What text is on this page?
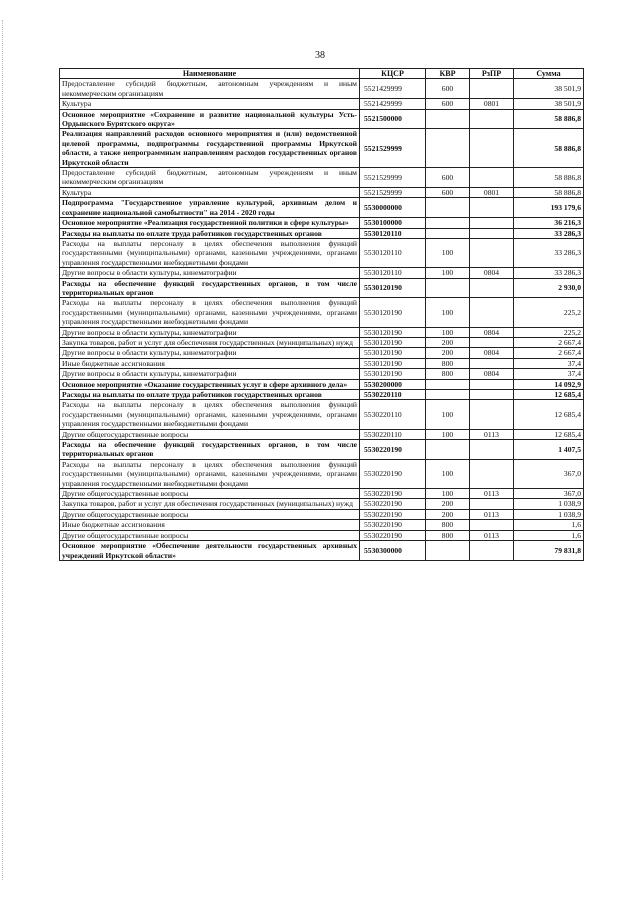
38
Наименование	КЦСР	КВР	РзПР	Сумма
Предоставление субсидий бюджетным, автономным учреждениям и иным некоммерческим организациям	5521429999	600		38 501,9
Культура	5521429999	600	0801	38 501,9
Основное мероприятие «Сохранение и развитие национальной культуры Усть-Ордынского Бурятского округа»	5521500000			58 886,8
Реализация направлений расходов основного мероприятия и (или) ведомственной целевой программы, подпрограммы государственной программы Иркутской области, а также непрограммным направлениям расходов государственных органов Иркутской области	5521529999			58 886,8
Предоставление субсидий бюджетным, автономным учреждениям и иным некоммерческим организациям	5521529999	600		58 886,8
Культура	5521529999	600	0801	58 886,8
Подпрограмма "Государственное управление культурой, архивным делом и сохранение национальной самобытности" на 2014 - 2020 годы	5530000000			193 179,6
Основное мероприятие «Реализация государственной политики в сфере культуры»	5530100000			36 216,3
Расходы на выплаты по оплате труда работников государственных органов	5530120110			33 286,3
Расходы на выплаты персоналу в целях обеспечения выполнения функций государственными (муниципальными) органами, казенными учреждениями, органами управления государственными внебюджетными фондами	5530120110	100		33 286,3
Другие вопросы в области культуры, кинематографии	5530120110	100	0804	33 286,3
Расходы на обеспечение функций государственных органов, в том числе территориальных органов	5530120190			2 930,0
Расходы на выплаты персоналу в целях обеспечения выполнения функций государственными (муниципальными) органами, казенными учреждениями, органами управления государственными внебюджетными фондами	5530120190	100		225,2
Другие вопросы в области культуры, кинематографии	5530120190	100	0804	225,2
Закупка товаров, работ и услуг для обеспечения государственных (муниципальных) нужд	5530120190	200		2 667,4
Другие вопросы в области культуры, кинематографии	5530120190	200	0804	2 667,4
Иные бюджетные ассигнования	5530120190	800		37,4
Другие вопросы в области культуры, кинематографии	5530120190	800	0804	37,4
Основное мероприятие «Оказание государственных услуг в сфере архивного дела»	5530200000			14 092,9
Расходы на выплаты по оплате труда работников государственных органов	5530220110			12 685,4
Расходы на выплаты персоналу в целях обеспечения выполнения функций государственными (муниципальными) органами, казенными учреждениями, органами управления государственными внебюджетными фондами	5530220110	100		12 685,4
Другие общегосударственные вопросы	5530220110	100	0113	12 685,4
Расходы на обеспечение функций государственных органов, в том числе территориальных органов	5530220190			1 407,5
Расходы на выплаты персоналу в целях обеспечения выполнения функций государственными (муниципальными) органами, казенными учреждениями, органами управления государственными внебюджетными фондами	5530220190	100		367,0
Другие общегосударственные вопросы	5530220190	100	0113	367,0
Закупка товаров, работ и услуг для обеспечения государственных (муниципальных) нужд	5530220190	200		1 038,9
Другие общегосударственные вопросы	5530220190	200	0113	1 038,9
Иные бюджетные ассигнования	5530220190	800		1,6
Другие общегосударственные вопросы	5530220190	800	0113	1,6
Основное мероприятие «Обеспечение деятельности государственных архивных учреждений Иркутской области»	5530300000			79 831,8
